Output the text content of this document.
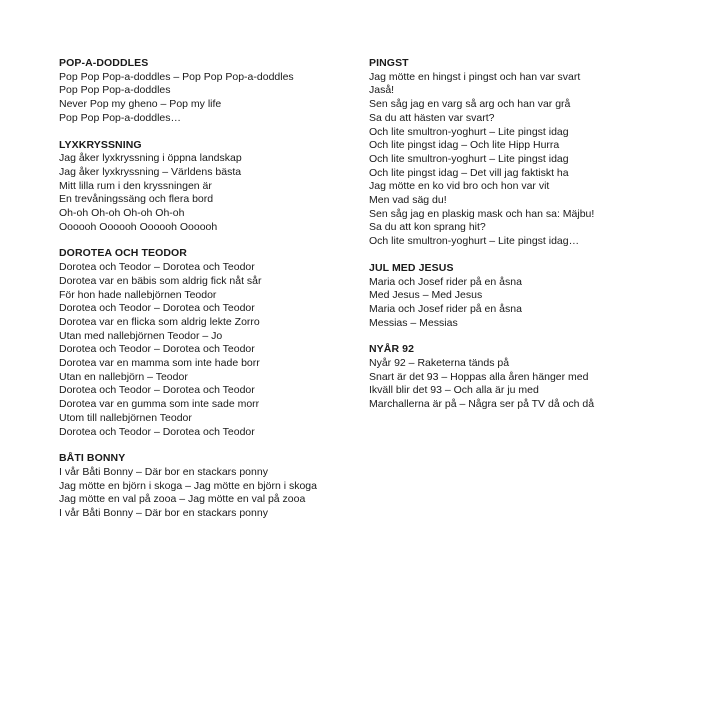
POP-A-DODDLES
Pop Pop Pop-a-doddles – Pop Pop Pop-a-doddles
Pop Pop Pop-a-doddles
Never Pop my gheno – Pop my life
Pop Pop Pop-a-doddles…
LYXKRYSSNING
Jag åker lyxkryssning i öppna landskap
Jag åker lyxkryssning – Världens bästa
Mitt lilla rum i den kryssningen är
En trevåningssäng och flera bord
Oh-oh Oh-oh Oh-oh Oh-oh
Oooooh Oooooh Oooooh Oooooh
DOROTEA OCH TEODOR
Dorotea och Teodor – Dorotea och Teodor
Dorotea var en bäbis som aldrig fick nåt sår
För hon hade nallebjörnen Teodor
Dorotea och Teodor – Dorotea och Teodor
Dorotea var en flicka som aldrig lekte Zorro
Utan med nallebjörnen Teodor – Jo
Dorotea och Teodor – Dorotea och Teodor
Dorotea var en mamma som inte hade borr
Utan en nallebjörn – Teodor
Dorotea och Teodor – Dorotea och Teodor
Dorotea var en gumma som inte sade morr
Utom till nallebjörnen Teodor
Dorotea och Teodor – Dorotea och Teodor
BÅTI BONNY
I vår Båti Bonny – Där bor en stackars ponny
Jag mötte en björn i skoga – Jag mötte en björn i skoga
Jag mötte en val på zooa – Jag mötte en val på zooa
I vår Båti Bonny – Där bor en stackars ponny
PINGST
Jag mötte en hingst i pingst och han var svart
Jaså!
Sen såg jag en varg så arg och han var grå
Sa du att hästen var svart?
Och lite smultron-yoghurt – Lite pingst idag
Och lite pingst idag – Och lite Hipp Hurra
Och lite smultron-yoghurt – Lite pingst idag
Och lite pingst idag – Det vill jag faktiskt ha
Jag mötte en ko vid bro och hon var vit
Men vad säg du!
Sen såg jag en plaskig mask och han sa: Mäjbu!
Sa du att kon sprang hit?
Och lite smultron-yoghurt – Lite pingst idag…
JUL MED JESUS
Maria och Josef rider på en åsna
Med Jesus – Med Jesus
Maria och Josef rider på en åsna
Messias – Messias
NYÅR 92
Nyår 92 – Raketerna tänds på
Snart är det 93 – Hoppas alla åren hänger med
Ikväll blir det 93 – Och alla är ju med
Marchallerna är på – Några ser på TV då och då
